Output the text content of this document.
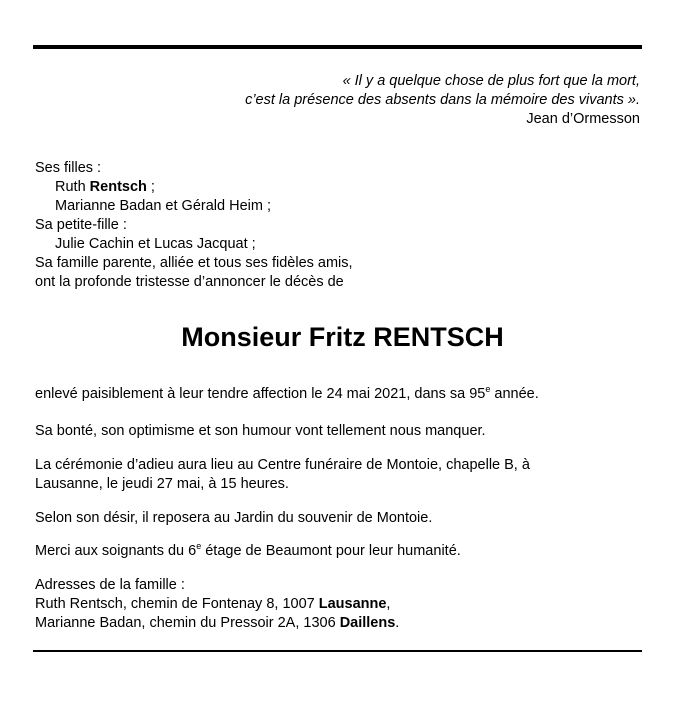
« Il y a quelque chose de plus fort que la mort,
c’est la présence des absents dans la mémoire des vivants ».
Jean d’Ormesson
Ses filles :
Ruth Rentsch ;
Marianne Badan et Gérald Heim ;
Sa petite-fille :
Julie Cachin et Lucas Jacquat ;
Sa famille parente, alliée et tous ses fidèles amis,
ont la profonde tristesse d’annoncer le décès de
Monsieur Fritz RENTSCH
enlevé paisiblement à leur tendre affection le 24 mai 2021, dans sa 95e année.
Sa bonté, son optimisme et son humour vont tellement nous manquer.
La cérémonie d’adieu aura lieu au Centre funéraire de Montoie, chapelle B, à
Lausanne, le jeudi 27 mai, à 15 heures.
Selon son désir, il reposera au Jardin du souvenir de Montoie.
Merci aux soignants du 6e étage de Beaumont pour leur humanité.
Adresses de la famille :
Ruth Rentsch, chemin de Fontenay 8, 1007 Lausanne,
Marianne Badan, chemin du Pressoir 2A, 1306 Daillens.
